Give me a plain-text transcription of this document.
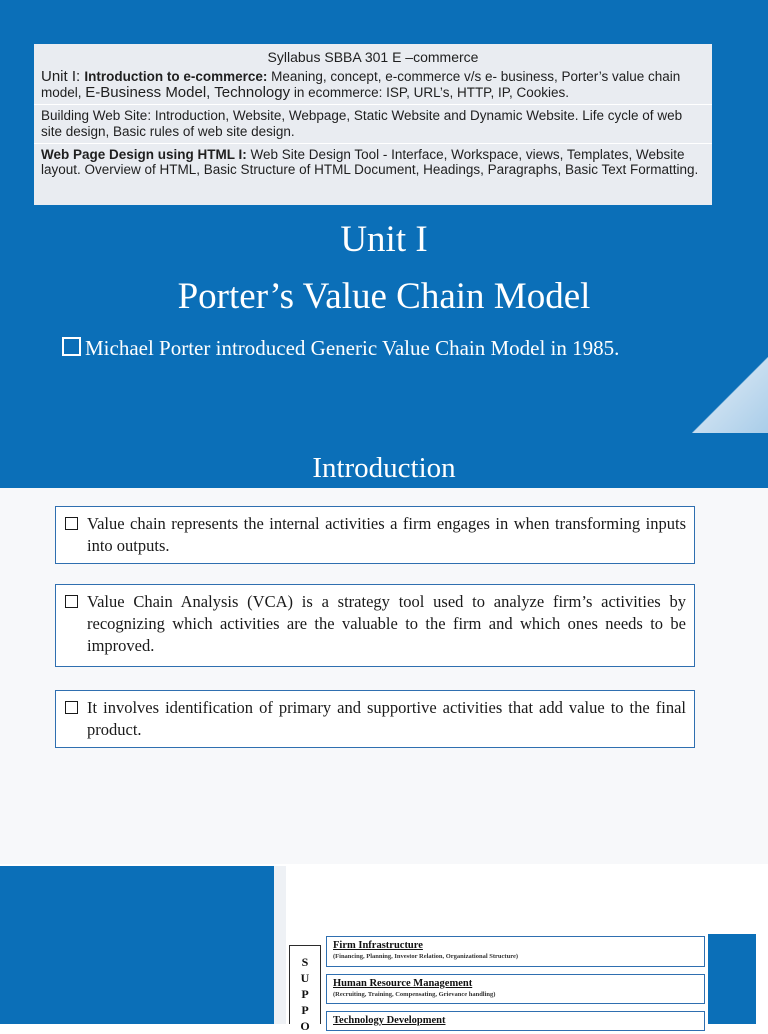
Syllabus SBBA 301 E –commerce
Unit I: Introduction to e-commerce: Meaning, concept, e-commerce v/s e- business, Porter’s value chain model, E-Business Model, Technology in ecommerce: ISP, URL’s, HTTP, IP, Cookies.
Building Web Site: Introduction, Website, Webpage, Static Website and Dynamic Website. Life cycle of web site design, Basic rules of web site design.
Web Page Design using HTML I: Web Site Design Tool - Interface, Workspace, views, Templates, Website layout. Overview of HTML, Basic Structure of HTML Document, Headings, Paragraphs, Basic Text Formatting.
Unit I
Porter’s Value Chain Model
Michael Porter introduced Generic Value Chain Model in 1985.
Introduction
Value chain represents the internal activities a firm engages in when transforming inputs into outputs.
Value Chain Analysis (VCA) is a strategy tool used to analyze firm’s activities by recognizing which activities are the valuable to the firm and which ones needs to be improved.
It involves identification of primary and supportive activities that add value to the final product.
S
U
P
P
O
Firm Infrastructure
(Financing, Planning, Investor Relation, Organizational Structure)
Human Resource Management
(Recruiting, Training, Compensating, Grievance handling)
Technology Development
